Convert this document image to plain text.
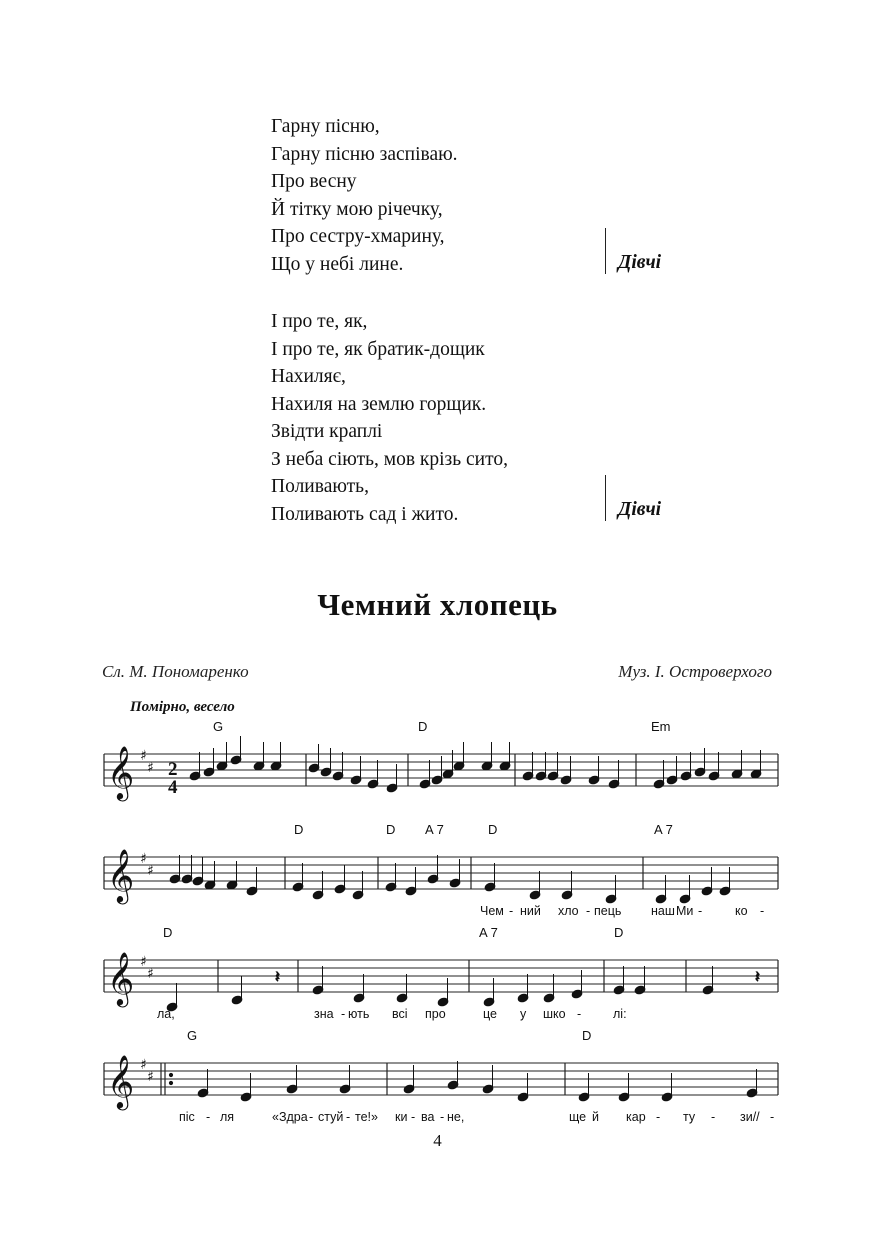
Гарну пісню,
Гарну пісню заспіваю.
Про весну
Й тітку мою річечку,
Про сестру-хмарину,
Що у небі лине.	Дівчі
І про те, як,
І про те, як братик-дощик
Нахиляє,
Нахиля на землю горщик.
Звідти краплі
З неба сіють, мов крізь сито,
Поливають,
Поливають сад і жито.	Дівчі
Чемний хлопець
Сл. М. Пономаренко	Муз. І. Островерхого
Помірно, весело
𝄞 ♯
♯
𝄞 ♯
♯
𝄞 ♯
♯
𝄞 ♯
♯
𝄽	𝄽
2
4
G	D	Em
D	D A 7	D	A 7
D	A 7	D
G	D
Чем - ний хло - пець наш Ми -	ко -
ла,	зна - ють всі про	це у шко -	лі:
піс - ля	«Здра - стуй - те!» ки - ва - не,	ще й кар - ту - зи// -
4
